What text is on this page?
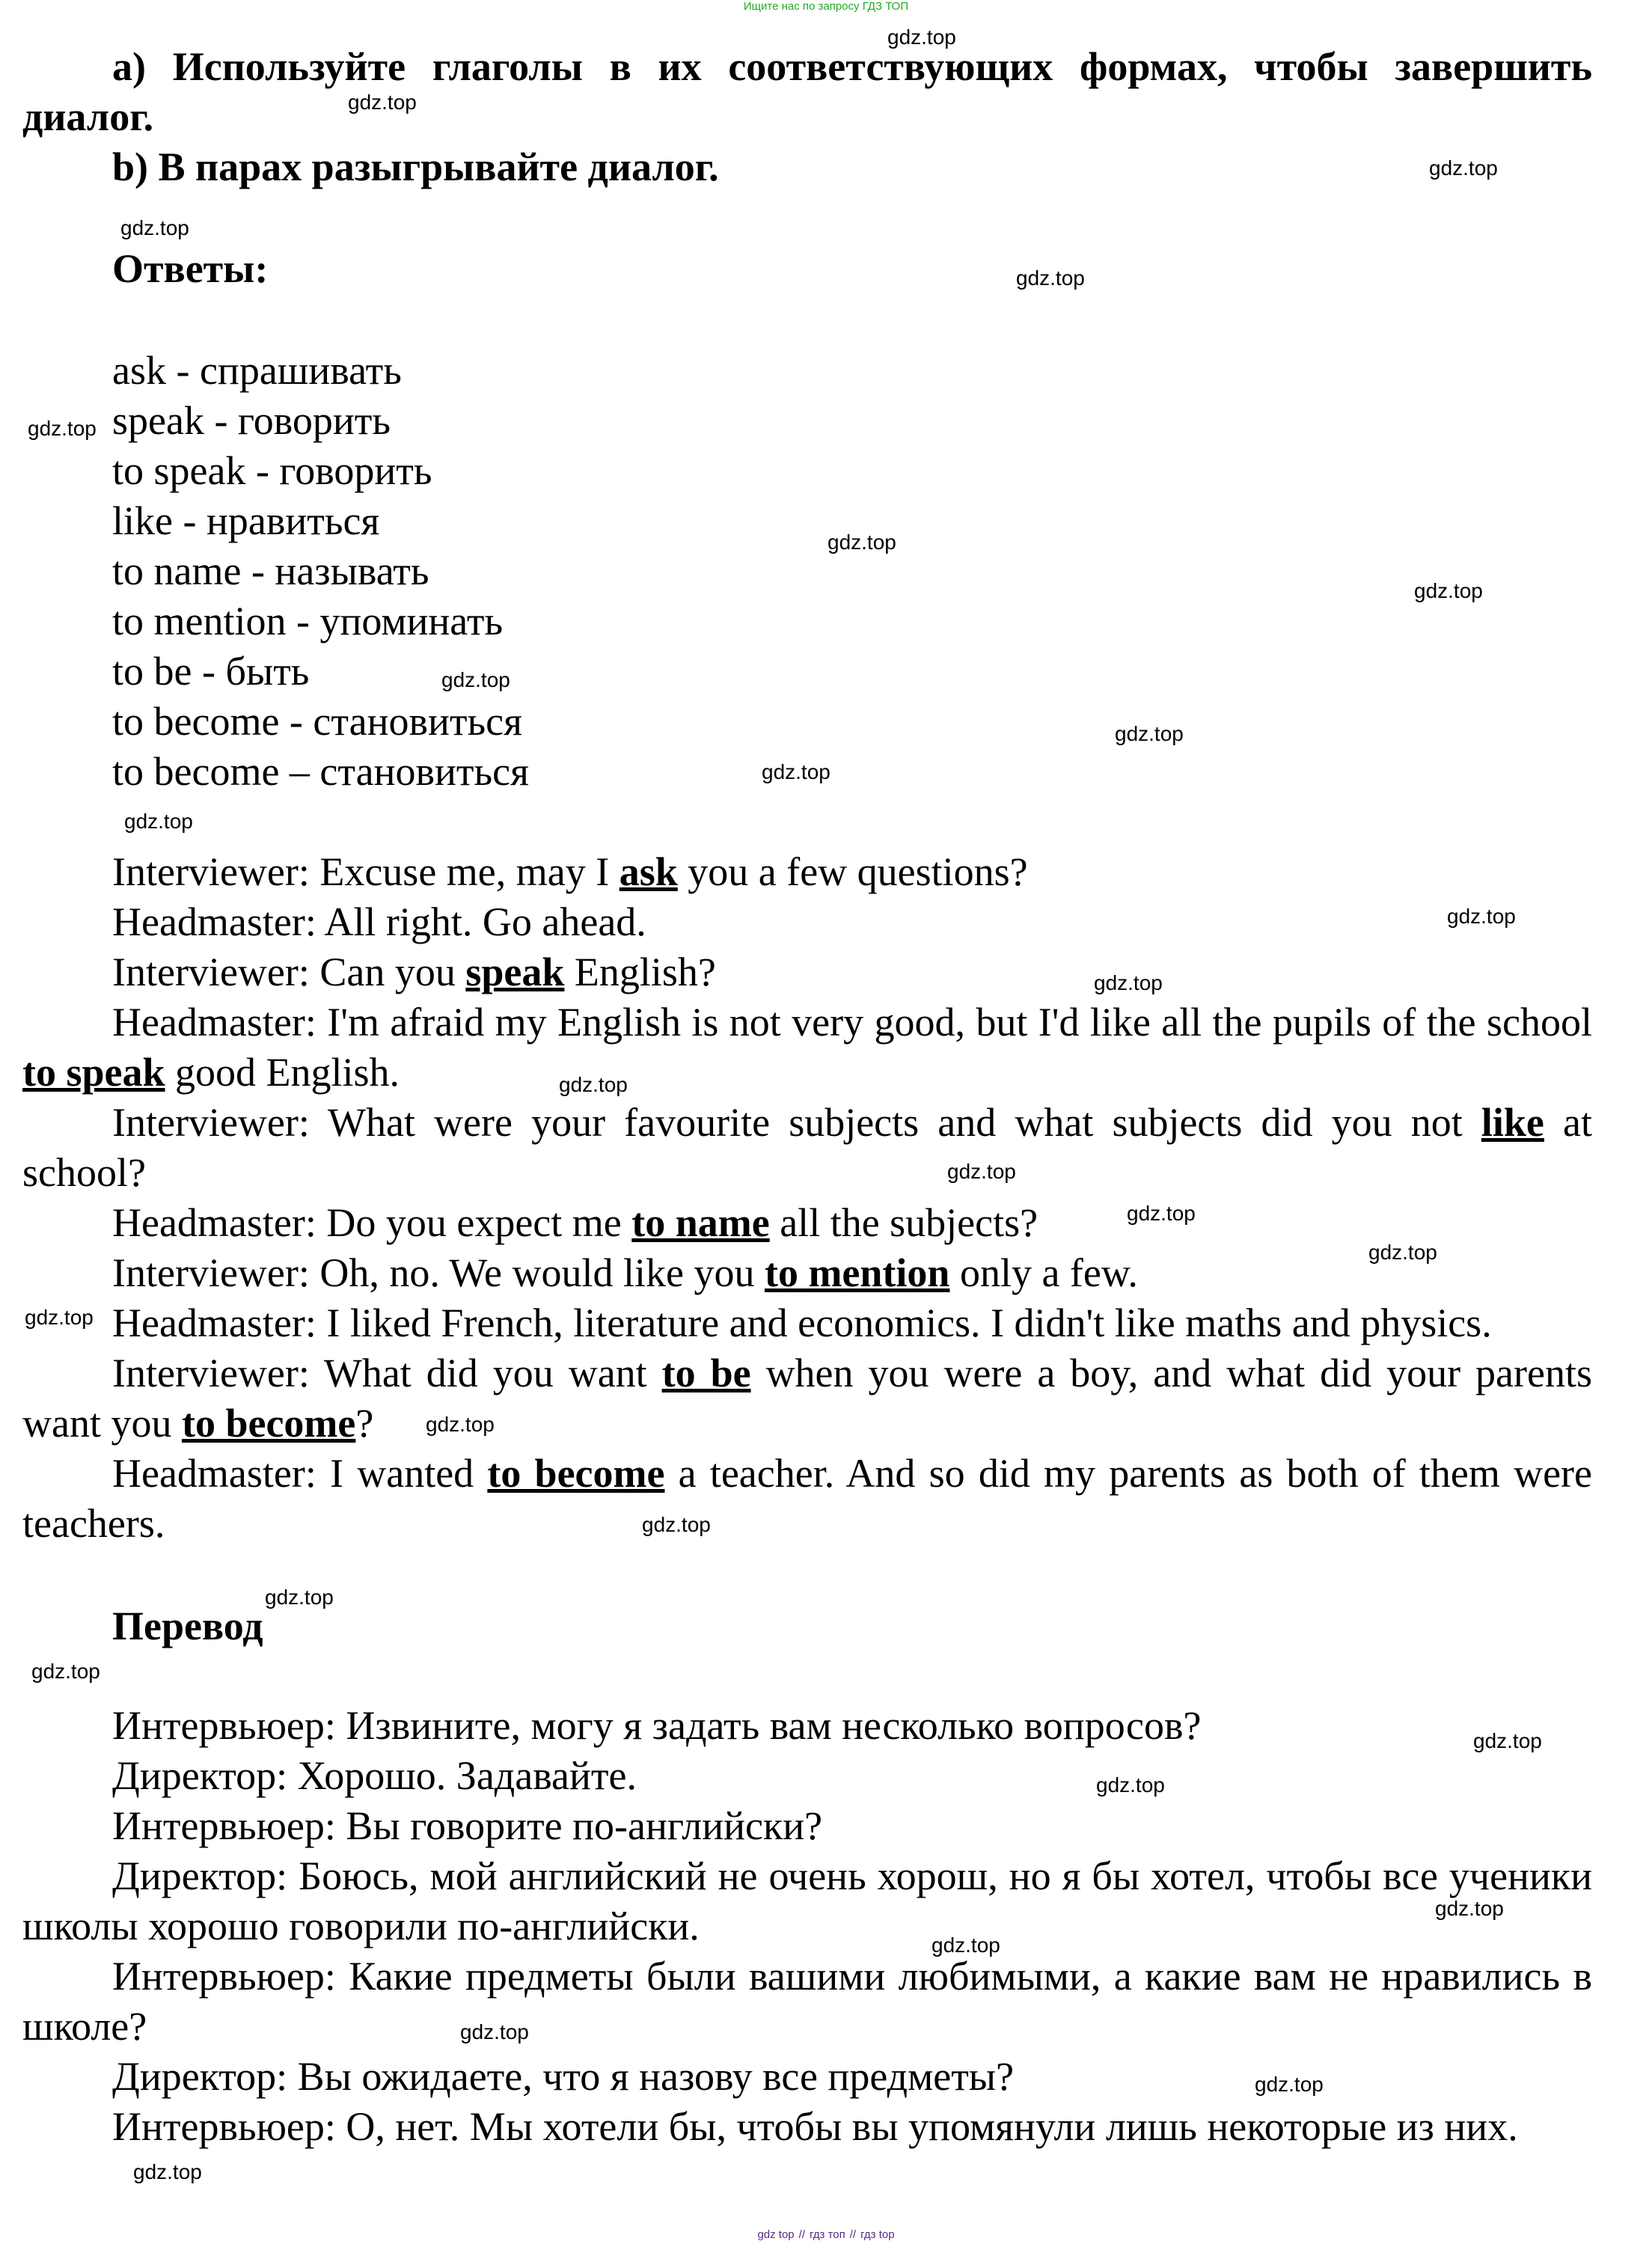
Ищите нас по запросу ГДЗ ТОП

a) Используйте глаголы в их соответствующих формах, чтобы завершить диалог.

b) В парах разыгрывайте диалог.

Ответы:

ask - спрашивать

speak - говорить

to speak - говорить

like - нравиться

to name - называть

to mention - упоминать

to be - быть

to become - становиться

to become – становиться

Interviewer: Excuse me, may I ask you a few questions?

Headmaster: All right. Go ahead.

Interviewer: Can you speak English?

Headmaster: I'm afraid my English is not very good, but I'd like all the pupils of the school to speak good English.

Interviewer: What were your favourite subjects and what subjects did you not like at school?

Headmaster: Do you expect me to name all the subjects?

Interviewer: Oh, no. We would like you to mention only a few.

Headmaster: I liked French, literature and economics. I didn't like maths and physics.

Interviewer: What did you want to be when you were a boy, and what did your parents want you to become?

Headmaster: I wanted to become a teacher. And so did my parents as both of them were teachers.

Перевод

Интервьюер: Извините, могу я задать вам несколько вопросов?

Директор: Хорошо. Задавайте.

Интервьюер: Вы говорите по-английски?

Директор: Боюсь, мой английский не очень хорош, но я бы хотел, чтобы все ученики школы хорошо говорили по-английски.

Интервьюер: Какие предметы были вашими любимыми, а какие вам не нравились в школе?

Директор: Вы ожидаете, что я назову все предметы?

Интервьюер: О, нет. Мы хотели бы, чтобы вы упомянули лишь некоторые из них.

gdz.top
gdz.top
gdz.top
gdz.top
gdz.top
gdz.top
gdz.top
gdz.top
gdz.top
gdz.top
gdz.top
gdz.top
gdz.top
gdz.top
gdz.top
gdz.top
gdz.top
gdz.top
gdz.top
gdz.top
gdz.top
gdz.top
gdz.top
gdz.top
gdz.top
gdz.top
gdz.top
gdz.top
gdz.top
gdz.top
gdz top // гдз топ // гдз top
